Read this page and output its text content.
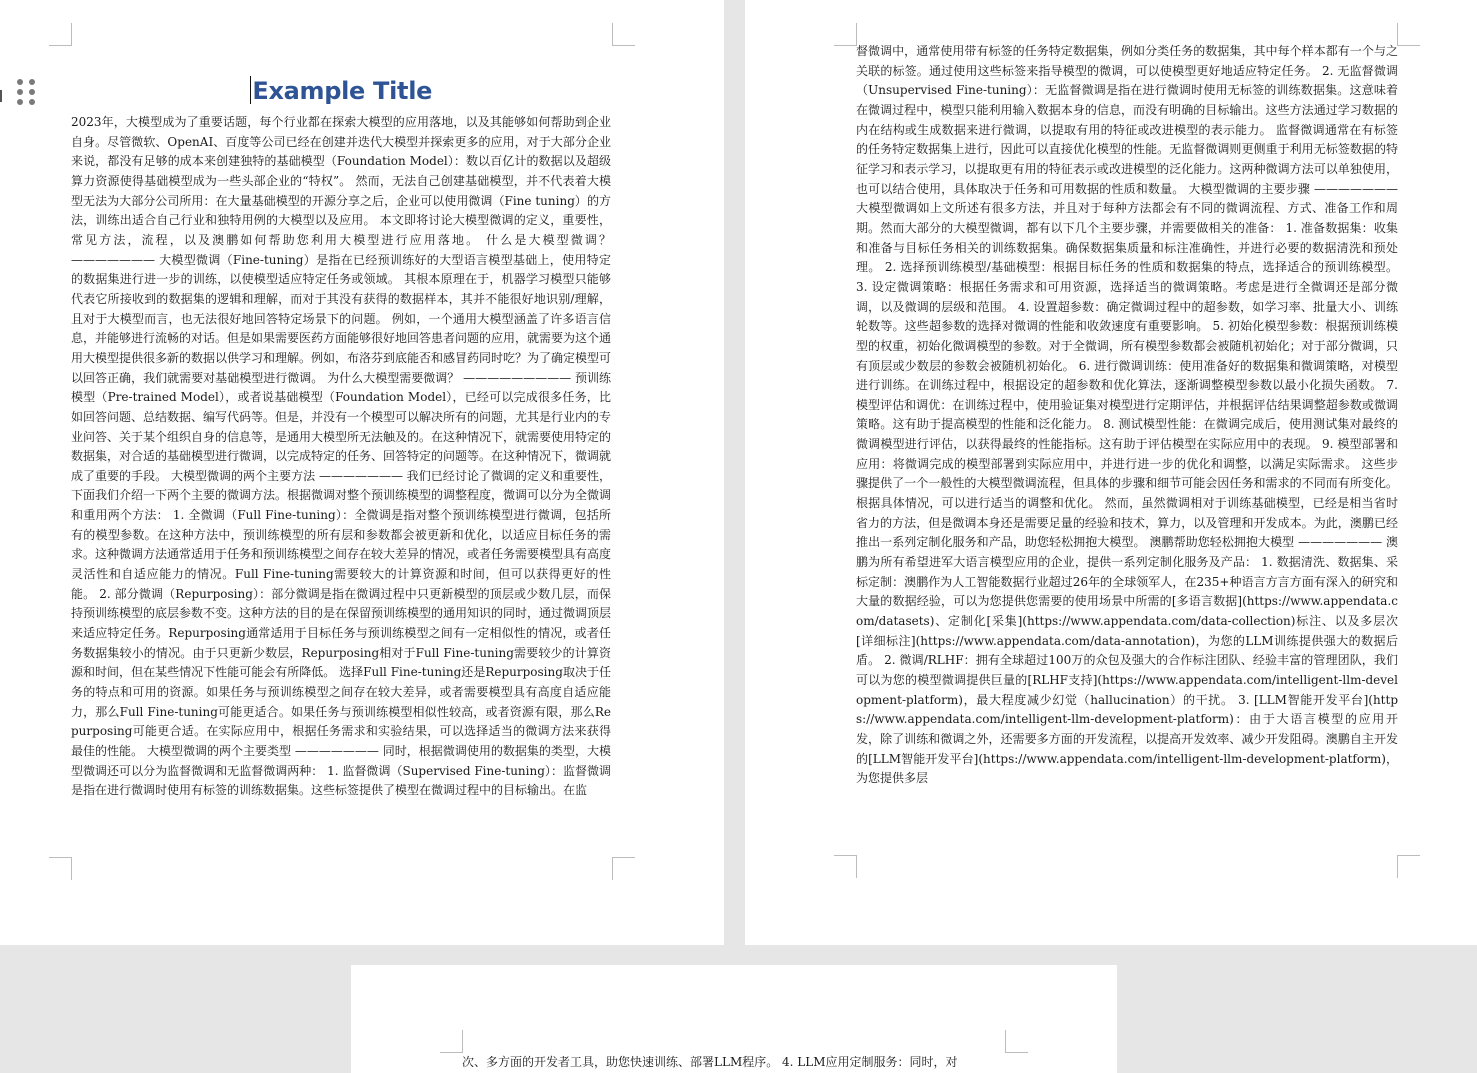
Example Title
2023年，大模型成为了重要话题，每个行业都在探索大模型的应用落地，以及其能够如何帮助到企业自身。尽管微软、OpenAI、百度等公司已经在创建并迭代大模型并探索更多的应用，对于大部分企业来说，都没有足够的成本来创建独特的基础模型（Foundation Model）：数以百亿计的数据以及超级算力资源使得基础模型成为一些头部企业的“特权”。 然而，无法自己创建基础模型，并不代表着大模型无法为大部分公司所用：在大量基础模型的开源分享之后，企业可以使用微调（Fine tuning）的方法，训练出适合自己行业和独特用例的大模型以及应用。 本文即将讨论大模型微调的定义，重要性，常见方法，流程，以及澳鹏如何帮助您利用大模型进行应用落地。 什么是大模型微调？ ——————— 大模型微调（Fine-tuning）是指在已经预训练好的大型语言模型基础上，使用特定的数据集进行进一步的训练，以使模型适应特定任务或领域。 其根本原理在于，机器学习模型只能够代表它所接收到的数据集的逻辑和理解，而对于其没有获得的数据样本，其并不能很好地识别/理解，且对于大模型而言，也无法很好地回答特定场景下的问题。 例如，一个通用大模型涵盖了许多语言信息，并能够进行流畅的对话。但是如果需要医药方面能够很好地回答患者问题的应用，就需要为这个通用大模型提供很多新的数据以供学习和理解。例如，布洛芬到底能否和感冒药同时吃？为了确定模型可以回答正确，我们就需要对基础模型进行微调。 为什么大模型需要微调？ ————————— 预训练模型（Pre-trained Model），或者说基础模型（Foundation Model），已经可以完成很多任务，比如回答问题、总结数据、编写代码等。但是，并没有一个模型可以解决所有的问题，尤其是行业内的专业问答、关于某个组织自身的信息等，是通用大模型所无法触及的。在这种情况下，就需要使用特定的数据集，对合适的基础模型进行微调，以完成特定的任务、回答特定的问题等。在这种情况下，微调就成了重要的手段。 大模型微调的两个主要方法 ——————— 我们已经讨论了微调的定义和重要性，下面我们介绍一下两个主要的微调方法。根据微调对整个预训练模型的调整程度，微调可以分为全微调和重用两个方法： 1. 全微调（Full Fine-tuning）：全微调是指对整个预训练模型进行微调，包括所有的模型参数。在这种方法中，预训练模型的所有层和参数都会被更新和优化，以适应目标任务的需求。这种微调方法通常适用于任务和预训练模型之间存在较大差异的情况，或者任务需要模型具有高度灵活性和自适应能力的情况。Full Fine-tuning需要较大的计算资源和时间，但可以获得更好的性能。 2. 部分微调（Repurposing）：部分微调是指在微调过程中只更新模型的顶层或少数几层，而保持预训练模型的底层参数不变。这种方法的目的是在保留预训练模型的通用知识的同时，通过微调顶层来适应特定任务。Repurposing通常适用于目标任务与预训练模型之间有一定相似性的情况，或者任务数据集较小的情况。由于只更新少数层，Repurposing相对于Full Fine-tuning需要较少的计算资源和时间，但在某些情况下性能可能会有所降低。 选择Full Fine-tuning还是Repurposing取决于任务的特点和可用的资源。如果任务与预训练模型之间存在较大差异，或者需要模型具有高度自适应能力，那么Full Fine-tuning可能更适合。如果任务与预训练模型相似性较高，或者资源有限，那么Repurposing可能更合适。在实际应用中，根据任务需求和实验结果，可以选择适当的微调方法来获得最佳的性能。 大模型微调的两个主要类型 ——————— 同时，根据微调使用的数据集的类型，大模型微调还可以分为监督微调和无监督微调两种： 1. 监督微调（Supervised Fine-tuning）：监督微调是指在进行微调时使用有标签的训练数据集。这些标签提供了模型在微调过程中的目标输出。在监
督微调中，通常使用带有标签的任务特定数据集，例如分类任务的数据集，其中每个样本都有一个与之关联的标签。通过使用这些标签来指导模型的微调，可以使模型更好地适应特定任务。 2. 无监督微调（Unsupervised Fine-tuning）：无监督微调是指在进行微调时使用无标签的训练数据集。这意味着在微调过程中，模型只能利用输入数据本身的信息，而没有明确的目标输出。这些方法通过学习数据的内在结构或生成数据来进行微调，以提取有用的特征或改进模型的表示能力。 监督微调通常在有标签的任务特定数据集上进行，因此可以直接优化模型的性能。无监督微调则更侧重于利用无标签数据的特征学习和表示学习，以提取更有用的特征表示或改进模型的泛化能力。这两种微调方法可以单独使用，也可以结合使用，具体取决于任务和可用数据的性质和数量。 大模型微调的主要步骤 ——————— 大模型微调如上文所述有很多方法，并且对于每种方法都会有不同的微调流程、方式、准备工作和周期。然而大部分的大模型微调，都有以下几个主要步骤，并需要做相关的准备： 1. 准备数据集：收集和准备与目标任务相关的训练数据集。确保数据集质量和标注准确性，并进行必要的数据清洗和预处理。 2. 选择预训练模型/基础模型：根据目标任务的性质和数据集的特点，选择适合的预训练模型。 3. 设定微调策略：根据任务需求和可用资源，选择适当的微调策略。考虑是进行全微调还是部分微调，以及微调的层级和范围。 4. 设置超参数：确定微调过程中的超参数，如学习率、批量大小、训练轮数等。这些超参数的选择对微调的性能和收敛速度有重要影响。 5. 初始化模型参数：根据预训练模型的权重，初始化微调模型的参数。对于全微调，所有模型参数都会被随机初始化；对于部分微调，只有顶层或少数层的参数会被随机初始化。 6. 进行微调训练：使用准备好的数据集和微调策略，对模型进行训练。在训练过程中，根据设定的超参数和优化算法，逐渐调整模型参数以最小化损失函数。 7. 模型评估和调优：在训练过程中，使用验证集对模型进行定期评估，并根据评估结果调整超参数或微调策略。这有助于提高模型的性能和泛化能力。 8. 测试模型性能：在微调完成后，使用测试集对最终的微调模型进行评估，以获得最终的性能指标。这有助于评估模型在实际应用中的表现。 9. 模型部署和应用：将微调完成的模型部署到实际应用中，并进行进一步的优化和调整，以满足实际需求。 这些步骤提供了一个一般性的大模型微调流程，但具体的步骤和细节可能会因任务和需求的不同而有所变化。根据具体情况，可以进行适当的调整和优化。 然而，虽然微调相对于训练基础模型，已经是相当省时省力的方法，但是微调本身还是需要足量的经验和技术，算力，以及管理和开发成本。为此，澳鹏已经推出一系列定制化服务和产品，助您轻松拥抱大模型。 澳鹏帮助您轻松拥抱大模型 ——————— 澳鹏为所有希望进军大语言模型应用的企业，提供一系列定制化服务及产品： 1. 数据清洗、数据集、采标定制：澳鹏作为人工智能数据行业超过26年的全球领军人，在235+种语言方言方面有深入的研究和大量的数据经验，可以为您提供您需要的使用场景中所需的[多语言数据](https://www.appendata.com/datasets)、定制化[采集](https://www.appendata.com/data-collection)标注、以及多层次[详细标注](https://www.appendata.com/data-annotation)，为您的LLM训练提供强大的数据后盾。 2. 微调/RLHF：拥有全球超过100万的众包及强大的合作标注团队、经验丰富的管理团队，我们可以为您的模型微调提供巨量的[RLHF支持](https://www.appendata.com/intelligent-llm-development-platform)，最大程度减少幻觉（hallucination）的干扰。 3. [LLM智能开发平台](https://www.appendata.com/intelligent-llm-development-platform)：由于大语言模型的应用开发，除了训练和微调之外，还需要多方面的开发流程，以提高开发效率、减少开发阻碍。澳鹏自主开发的[LLM智能开发平台](https://www.appendata.com/intelligent-llm-development-platform)，为您提供多层
次、多方面的开发者工具，助您快速训练、部署LLM程序。 4. LLM应用定制服务：同时，对
